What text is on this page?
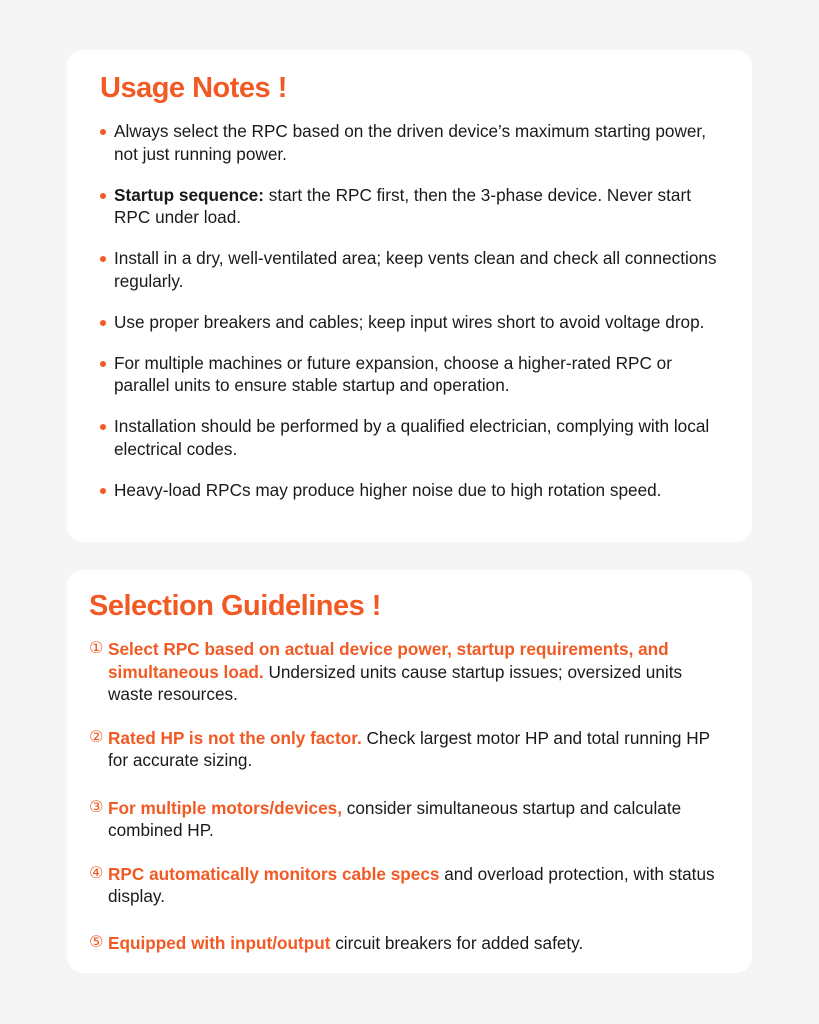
Usage Notes !
Always select the RPC based on the driven device’s maximum starting power, not just running power.
Startup sequence: start the RPC first, then the 3-phase device. Never start RPC under load.
Install in a dry, well-ventilated area; keep vents clean and check all connections regularly.
Use proper breakers and cables; keep input wires short to avoid voltage drop.
For multiple machines or future expansion, choose a higher-rated RPC or parallel units to ensure stable startup and operation.
Installation should be performed by a qualified electrician, complying with local electrical codes.
Heavy-load RPCs may produce higher noise due to high rotation speed.
Selection Guidelines !
① Select RPC based on actual device power, startup requirements, and simultaneous load. Undersized units cause startup issues; oversized units waste resources.
② Rated HP is not the only factor. Check largest motor HP and total running HP for accurate sizing.
③ For multiple motors/devices, consider simultaneous startup and calculate combined HP.
④ RPC automatically monitors cable specs and overload protection, with status display.
⑤ Equipped with input/output circuit breakers for added safety.
